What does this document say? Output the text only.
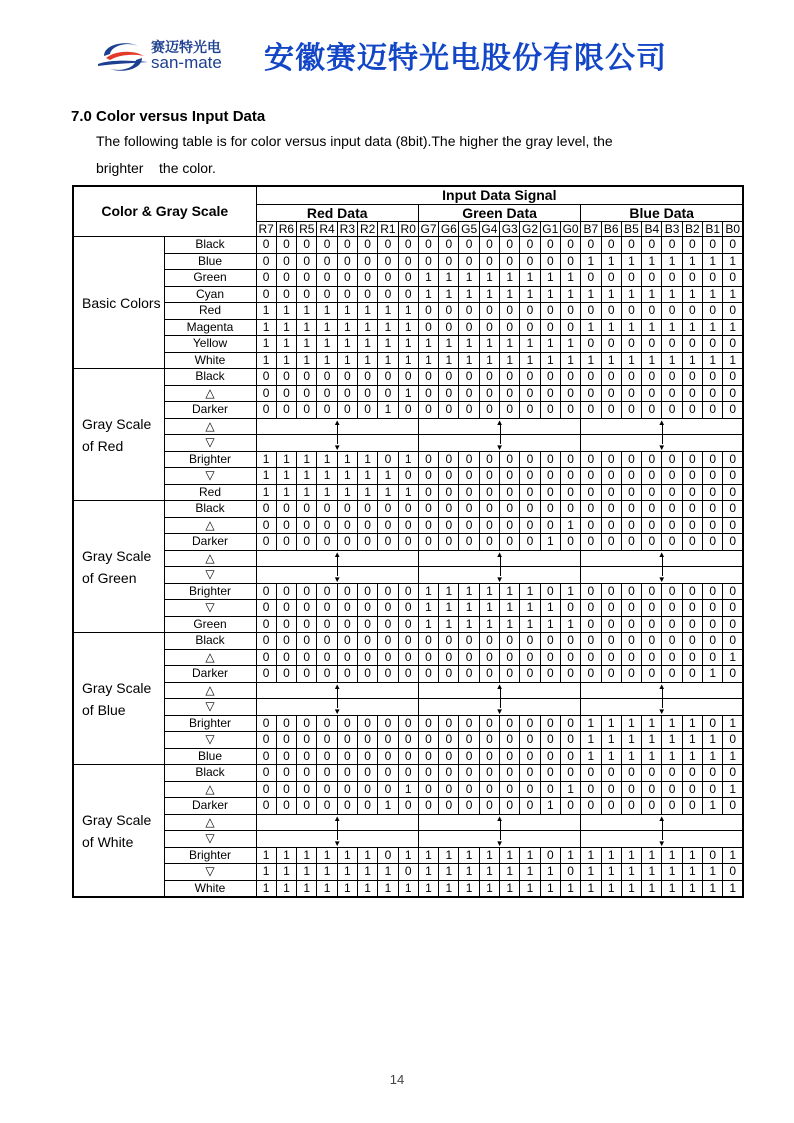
赛迈特光电
san-mate 安徽赛迈特光电股份有限公司
7.0 Color versus Input Data
The following table is for color versus input data (8bit).The higher the gray level, the
brighter    the color.
Color & Gray Scale		Input Data Signal																							
		Red Data								Green Data								Blue Data							
		R7	R6	R5	R4	R3	R2	R1	R0	G7	G6	G5	G4	G3	G2	G1	G0	B7	B6	B5	B4	B3	B2	B1	B0
Basic Colors	Black	0	0	0	0	0	0	0	0	0	0	0	0	0	0	0	0	0	0	0	0	0	0	0	0
	Blue	0	0	0	0	0	0	0	0	0	0	0	0	0	0	0	0	1	1	1	1	1	1	1	1
	Green	0	0	0	0	0	0	0	0	1	1	1	1	1	1	1	1	0	0	0	0	0	0	0	0
	Cyan	0	0	0	0	0	0	0	0	1	1	1	1	1	1	1	1	1	1	1	1	1	1	1	1
	Red	1	1	1	1	1	1	1	1	0	0	0	0	0	0	0	0	0	0	0	0	0	0	0	0
	Magenta	1	1	1	1	1	1	1	1	0	0	0	0	0	0	0	0	1	1	1	1	1	1	1	1
	Yellow	1	1	1	1	1	1	1	1	1	1	1	1	1	1	1	1	0	0	0	0	0	0	0	0
	White	1	1	1	1	1	1	1	1	1	1	1	1	1	1	1	1	1	1	1	1	1	1	1	1
Gray Scale of Red	Black	0	0	0	0	0	0	0	0	0	0	0	0	0	0	0	0	0	0	0	0	0	0	0	0
	△	0	0	0	0	0	0	0	1	0	0	0	0	0	0	0	0	0	0	0	0	0	0	0	0
	Darker	0	0	0	0	0	0	1	0	0	0	0	0	0	0	0	0	0	0	0	0	0	0	0	0
	△	▲								▲								▲							

	▽	▼								▼								▼							

	Brighter	1	1	1	1	1	1	0	1	0	0	0	0	0	0	0	0	0	0	0	0	0	0	0	0
	▽	1	1	1	1	1	1	1	0	0	0	0	0	0	0	0	0	0	0	0	0	0	0	0	0
	Red	1	1	1	1	1	1	1	1	0	0	0	0	0	0	0	0	0	0	0	0	0	0	0	0
Gray Scale of Green	Black	0	0	0	0	0	0	0	0	0	0	0	0	0	0	0	0	0	0	0	0	0	0	0	0
	△	0	0	0	0	0	0	0	0	0	0	0	0	0	0	0	1	0	0	0	0	0	0	0	0
	Darker	0	0	0	0	0	0	0	0	0	0	0	0	0	0	1	0	0	0	0	0	0	0	0	0
	△	▲								▲								▲							

	▽	▼								▼								▼							

	Brighter	0	0	0	0	0	0	0	0	1	1	1	1	1	1	0	1	0	0	0	0	0	0	0	0
	▽	0	0	0	0	0	0	0	0	1	1	1	1	1	1	1	0	0	0	0	0	0	0	0	0
	Green	0	0	0	0	0	0	0	0	1	1	1	1	1	1	1	1	0	0	0	0	0	0	0	0
Gray Scale of Blue	Black	0	0	0	0	0	0	0	0	0	0	0	0	0	0	0	0	0	0	0	0	0	0	0	0
	△	0	0	0	0	0	0	0	0	0	0	0	0	0	0	0	0	0	0	0	0	0	0	0	1
	Darker	0	0	0	0	0	0	0	0	0	0	0	0	0	0	0	0	0	0	0	0	0	0	1	0
	△	▲								▲								▲							

	▽	▼								▼								▼							

	Brighter	0	0	0	0	0	0	0	0	0	0	0	0	0	0	0	0	1	1	1	1	1	1	0	1
	▽	0	0	0	0	0	0	0	0	0	0	0	0	0	0	0	0	1	1	1	1	1	1	1	0
	Blue	0	0	0	0	0	0	0	0	0	0	0	0	0	0	0	0	1	1	1	1	1	1	1	1
Gray Scale of White	Black	0	0	0	0	0	0	0	0	0	0	0	0	0	0	0	0	0	0	0	0	0	0	0	0
	△	0	0	0	0	0	0	0	1	0	0	0	0	0	0	0	1	0	0	0	0	0	0	0	1
	Darker	0	0	0	0	0	0	1	0	0	0	0	0	0	0	1	0	0	0	0	0	0	0	1	0
	△	▲								▲								▲							

	▽	▼								▼								▼							

	Brighter	1	1	1	1	1	1	0	1	1	1	1	1	1	1	0	1	1	1	1	1	1	1	0	1
	▽	1	1	1	1	1	1	1	0	1	1	1	1	1	1	1	0	1	1	1	1	1	1	1	0
	White	1	1	1	1	1	1	1	1	1	1	1	1	1	1	1	1	1	1	1	1	1	1	1	1
14
